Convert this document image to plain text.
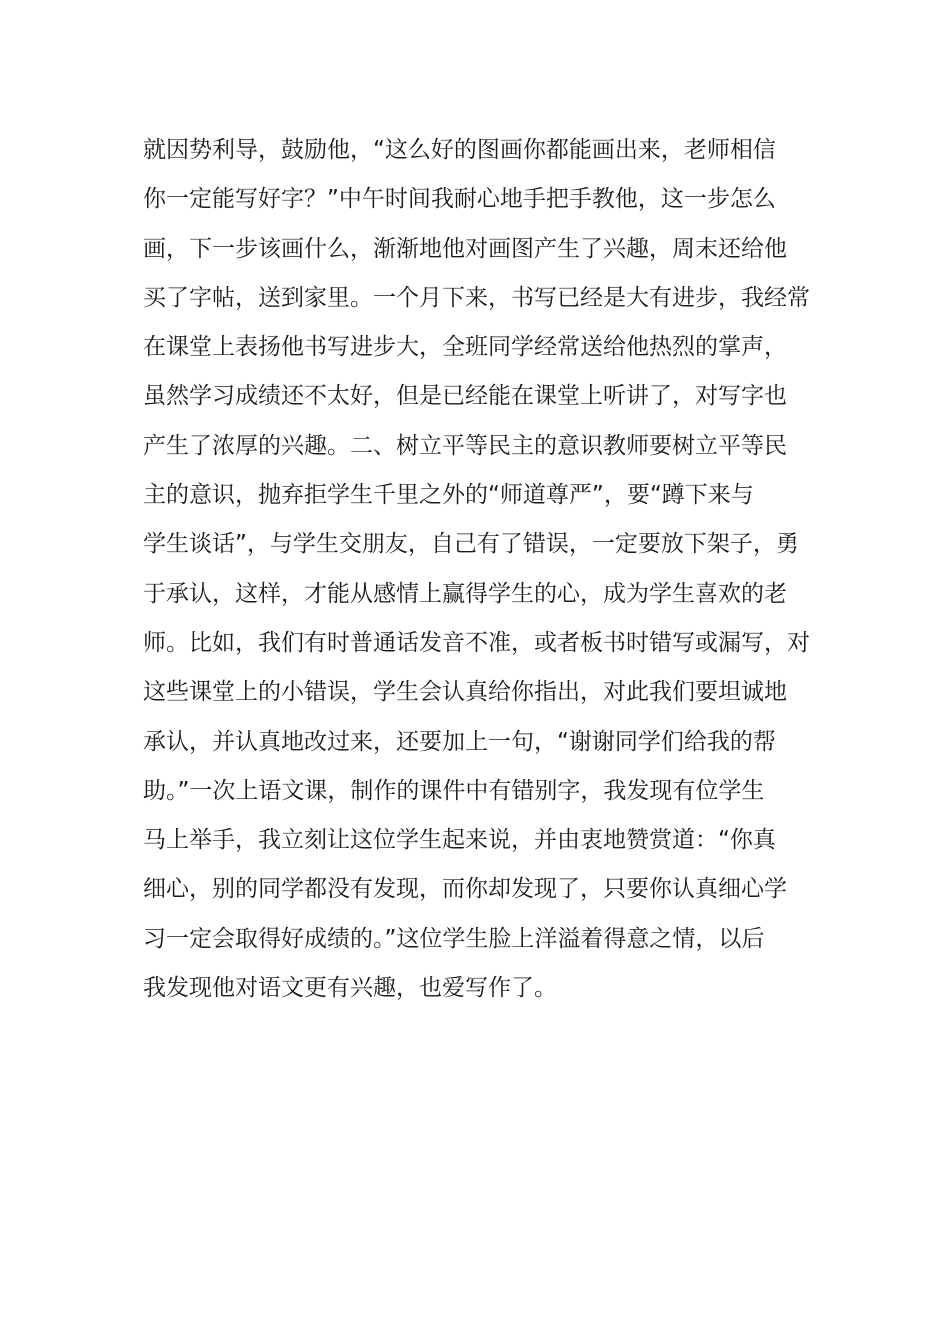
就因势利导，鼓励他，“这么好的图画你都能画出来，老师相信
你一定能写好字？”中午时间我耐心地手把手教他，这一步怎么
画，下一步该画什么，渐渐地他对画图产生了兴趣，周末还给他
买了字帖，送到家里。一个月下来，书写已经是大有进步，我经常
在课堂上表扬他书写进步大，全班同学经常送给他热烈的掌声，
虽然学习成绩还不太好，但是已经能在课堂上听讲了，对写字也
产生了浓厚的兴趣。二、树立平等民主的意识教师要树立平等民
主的意识，抛弃拒学生千里之外的“师道尊严”，要“蹲下来与
学生谈话”，与学生交朋友，自己有了错误，一定要放下架子，勇
于承认，这样，才能从感情上赢得学生的心，成为学生喜欢的老
师。比如，我们有时普通话发音不准，或者板书时错写或漏写，对
这些课堂上的小错误，学生会认真给你指出，对此我们要坦诚地
承认，并认真地改过来，还要加上一句，“谢谢同学们给我的帮
助。”一次上语文课，制作的课件中有错别字，我发现有位学生
马上举手，我立刻让这位学生起来说，并由衷地赞赏道：“你真
细心，别的同学都没有发现，而你却发现了，只要你认真细心学
习一定会取得好成绩的。”这位学生脸上洋溢着得意之情，以后
我发现他对语文更有兴趣，也爱写作了。
